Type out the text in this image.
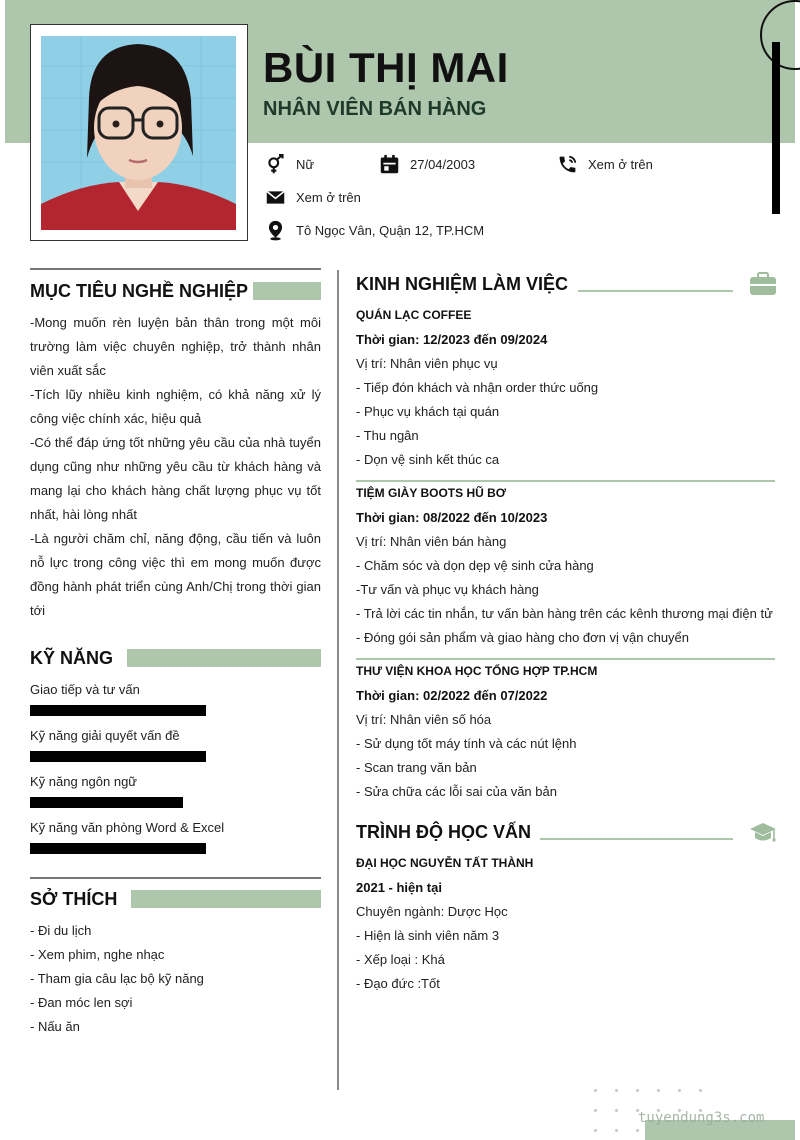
BÙI THỊ MAI
NHÂN VIÊN BÁN HÀNG
Nữ	27/04/2003	Xem ở trên
Xem ở trên
Tô Ngọc Vân, Quận 12, TP.HCM
MỤC TIÊU NGHỀ NGHIỆP
-Mong muốn rèn luyện bản thân trong một môi trường làm việc chuyên nghiệp, trở thành nhân viên xuất sắc
-Tích lũy nhiều kinh nghiệm, có khả năng xử lý công việc chính xác, hiệu quả
-Có thể đáp ứng tốt những yêu cầu của nhà tuyển dụng cũng như những yêu cầu từ khách hàng và mang lại cho khách hàng chất lượng phục vụ tốt nhất, hài lòng nhất
-Là người chăm chỉ, năng động, cầu tiến và luôn nỗ lực trong công việc thì em mong muốn được đồng hành phát triển cùng Anh/Chị trong thời gian tới
KỸ NĂNG
Giao tiếp và tư vấn
Kỹ năng giải quyết vấn đề
Kỹ năng ngôn ngữ
Kỹ năng văn phòng Word & Excel
SỞ THÍCH
- Đi du lịch
- Xem phim, nghe nhạc
- Tham gia câu lạc bộ kỹ năng
- Đan móc len sợi
- Nấu ăn
KINH NGHIỆM LÀM VIỆC
QUÁN LẠC COFFEE
Thời gian: 12/2023 đến 09/2024
Vị trí: Nhân viên phục vụ
- Tiếp đón khách và nhận order thức uống
- Phục vụ khách tại quán
- Thu ngân
- Dọn vệ sinh kết thúc ca
TIỆM GIÀY BOOTS HŨ BƠ
Thời gian: 08/2022 đến 10/2023
Vị trí: Nhân viên bán hàng
- Chăm sóc và dọn dẹp vệ sinh cửa hàng
-Tư vấn và phục vụ khách hàng
- Trả lời các tin nhắn, tư vấn bàn hàng trên các kênh thương mại điện tử
- Đóng gói sản phẩm và giao hàng cho đơn vị vận chuyển
THƯ VIỆN KHOA HỌC TỔNG HỢP TP.HCM
Thời gian: 02/2022 đến 07/2022
Vị trí: Nhân viên số hóa
- Sử dụng tốt máy tính và các nút lệnh
- Scan trang văn bản
- Sửa chữa các lỗi sai của văn bản
TRÌNH ĐỘ HỌC VẤN
ĐẠI HỌC NGUYỄN TẤT THÀNH
2021 - hiện tại
Chuyên ngành: Dược Học
- Hiện là sinh viên năm 3
- Xếp loại : Khá
- Đạo đức :Tốt
tuyendung3s.com
